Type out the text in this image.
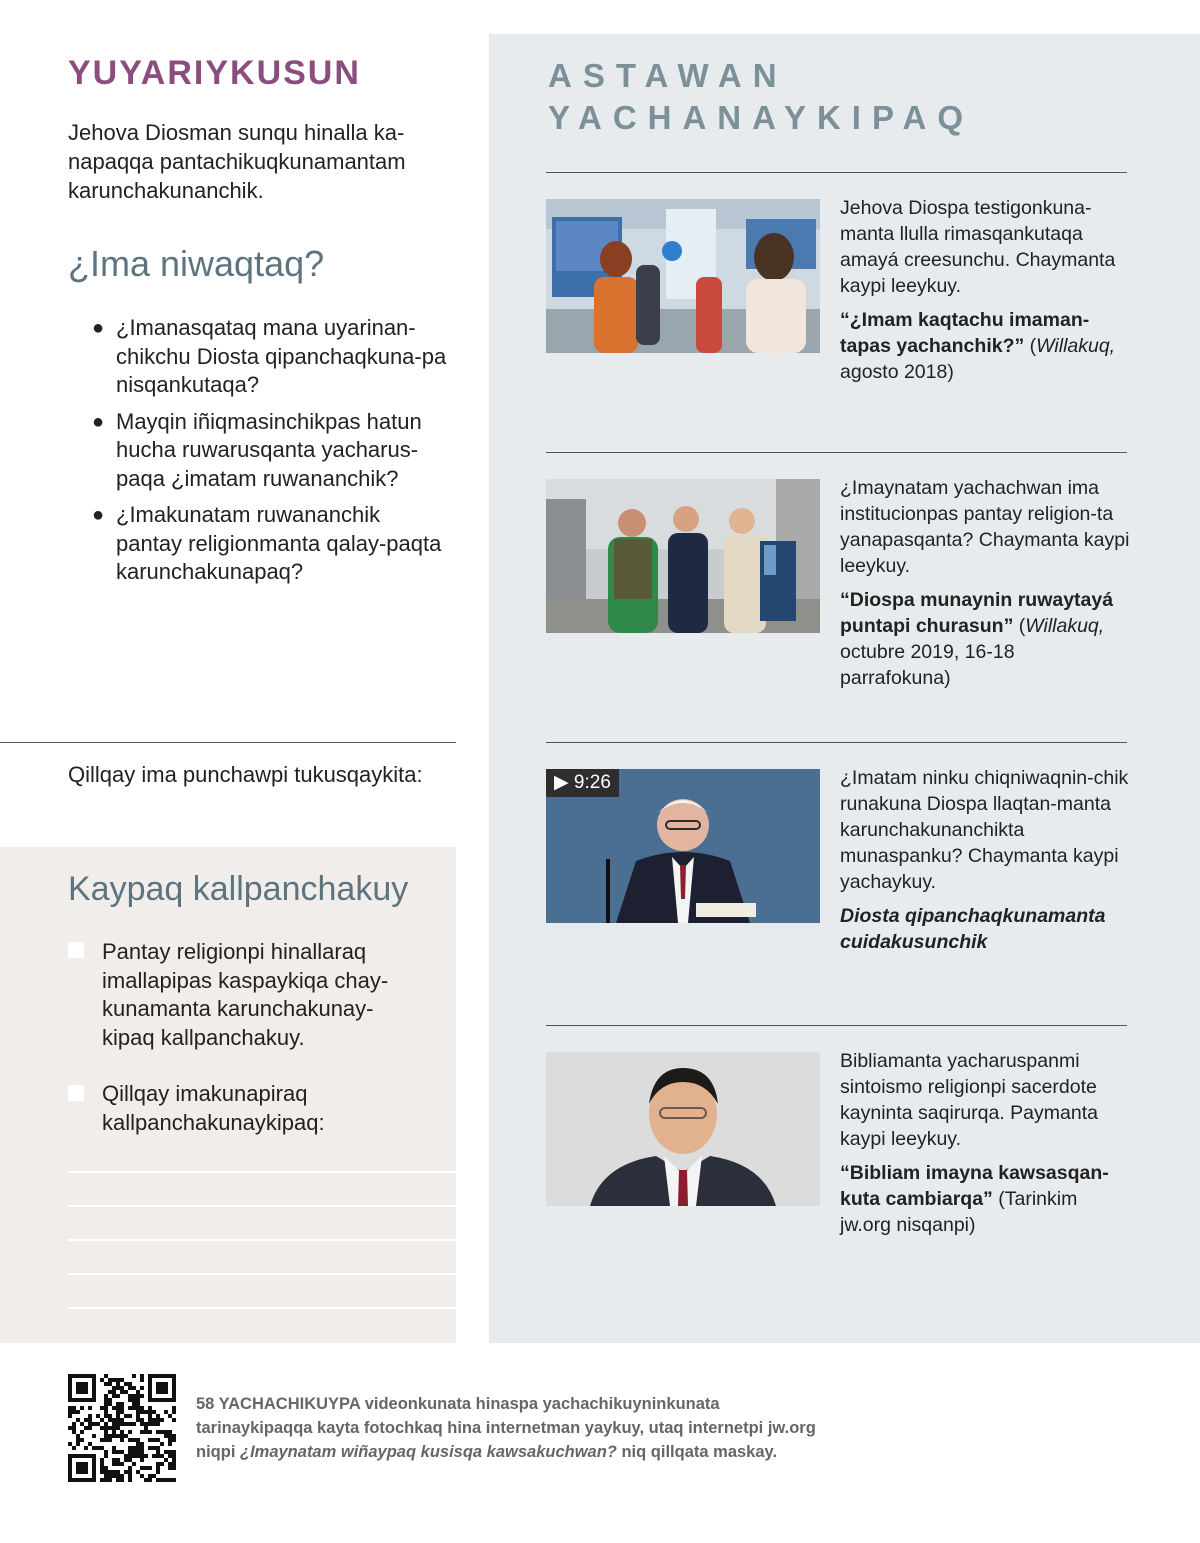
YUYARIYKUSUN
Jehova Diosman sunqu hinalla ka-napaqqa pantachikuqkunamantam karunchakunanchik.
¿Ima niwaqtaq?
● ¿Imanasqataq mana uyarinan-chikchu Diosta qipanchaqkuna-pa nisqankutaqa?
● Mayqin iñiqmasinchikpas hatun hucha ruwarusqanta yacharus-paqa ¿imatam ruwananchik?
● ¿Imakunatam ruwananchik pantay religionmanta qalay-paqta karunchakunapaq?
Qillqay ima punchawpi tukusqaykita:
Kaypaq kallpanchakuy
Pantay religionpi hinallaraq imallapipas kaspaykiqa chay-kunamanta karunchakunay-kipaq kallpanchakuy.
Qillqay imakunapiraq kallpanchakunaykipaq:
ASTAWAN
YACHANAYKIPAQ

Jehova Diospa testigonkuna-manta llulla rimasqankutaqa amayá creesunchu. Chaymanta kaypi leeykuy.

“¿Imam kaqtachu imaman-tapas yachanchik?” (Willakuq, agosto 2018)

¿Imaynatam yachachwan ima institucionpas pantay religion-ta yanapasqanta? Chaymanta kaypi leeykuy.

“Diospa munaynin ruwaytayá puntapi churasun” (Willakuq, octubre 2019, 16-18 parrafokuna)

▶ 9:26	¿Imatam ninku chiqniwaqnin-chik runakuna Diospa llaqtan-manta karunchakunanchikta munaspanku? Chaymanta kaypi yachaykuy.

Diosta qipanchaqkunamanta cuidakusunchik

Bibliamanta yacharuspanmi sintoismo religionpi sacerdote kayninta saqirurqa. Paymanta kaypi leeykuy.

“Bibliam imayna kawsasqan-kuta cambiarqa” (Tarinkim jw.org nisqanpi)

58 YACHACHIKUYPA videonkunata hinaspa yachachikuyninkunata tarinaykipaqqa kayta fotochkaq hina internetman yaykuy, utaq internetpi jw.org niqpi ¿Imaynatam wiñaypaq kusisqa kawsakuchwan? niq qillqata maskay.
